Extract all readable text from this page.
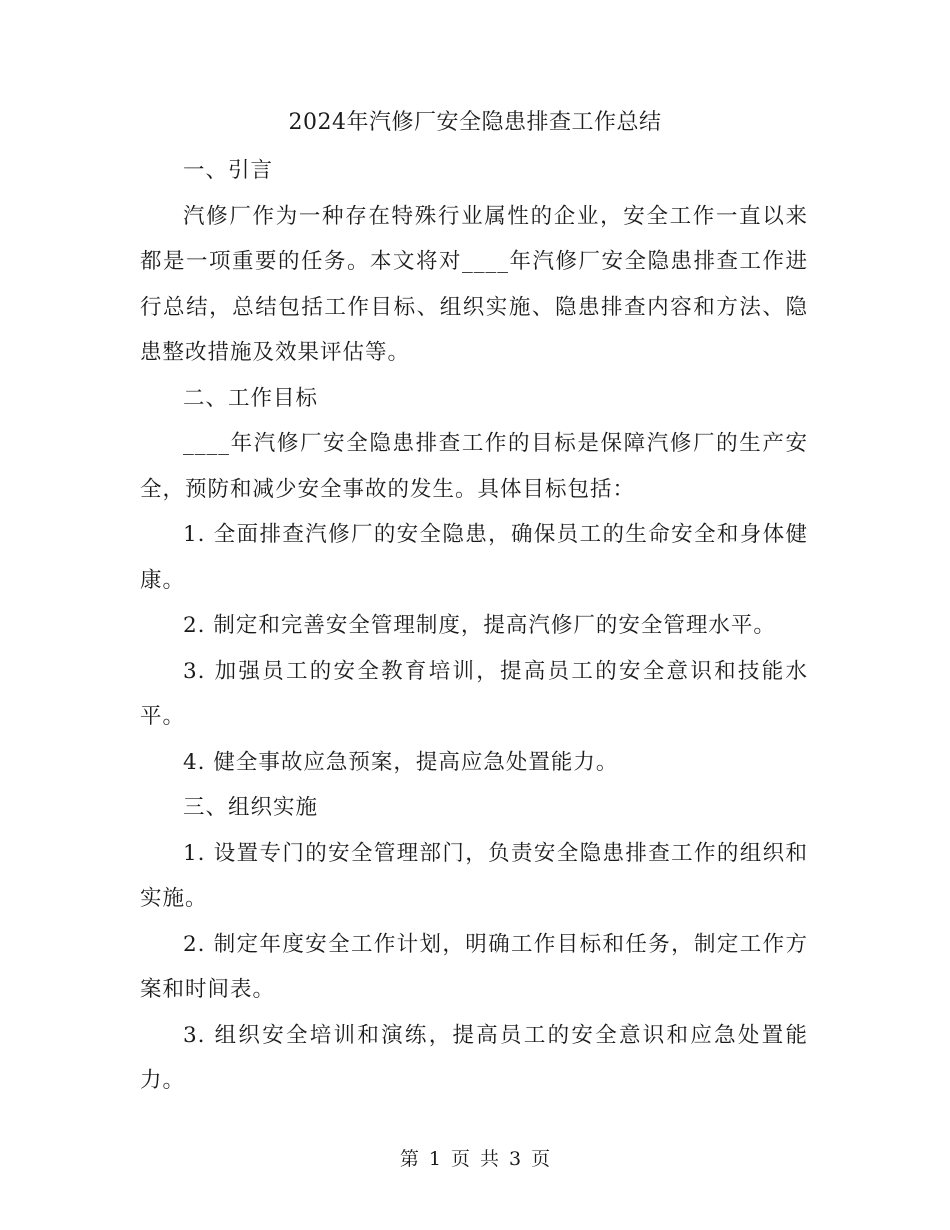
2024年汽修厂安全隐患排查工作总结

一、引言

汽修厂作为一种存在特殊行业属性的企业，安全工作一直以来都是一项重要的任务。本文将对____年汽修厂安全隐患排查工作进行总结，总结包括工作目标、组织实施、隐患排查内容和方法、隐患整改措施及效果评估等。

二、工作目标

____年汽修厂安全隐患排查工作的目标是保障汽修厂的生产安全，预防和减少安全事故的发生。具体目标包括：

1. 全面排查汽修厂的安全隐患，确保员工的生命安全和身体健康。

2. 制定和完善安全管理制度，提高汽修厂的安全管理水平。

3. 加强员工的安全教育培训，提高员工的安全意识和技能水平。

4. 健全事故应急预案，提高应急处置能力。

三、组织实施

1. 设置专门的安全管理部门，负责安全隐患排查工作的组织和实施。

2. 制定年度安全工作计划，明确工作目标和任务，制定工作方案和时间表。

3. 组织安全培训和演练，提高员工的安全意识和应急处置能力。

第 1 页 共 3 页
